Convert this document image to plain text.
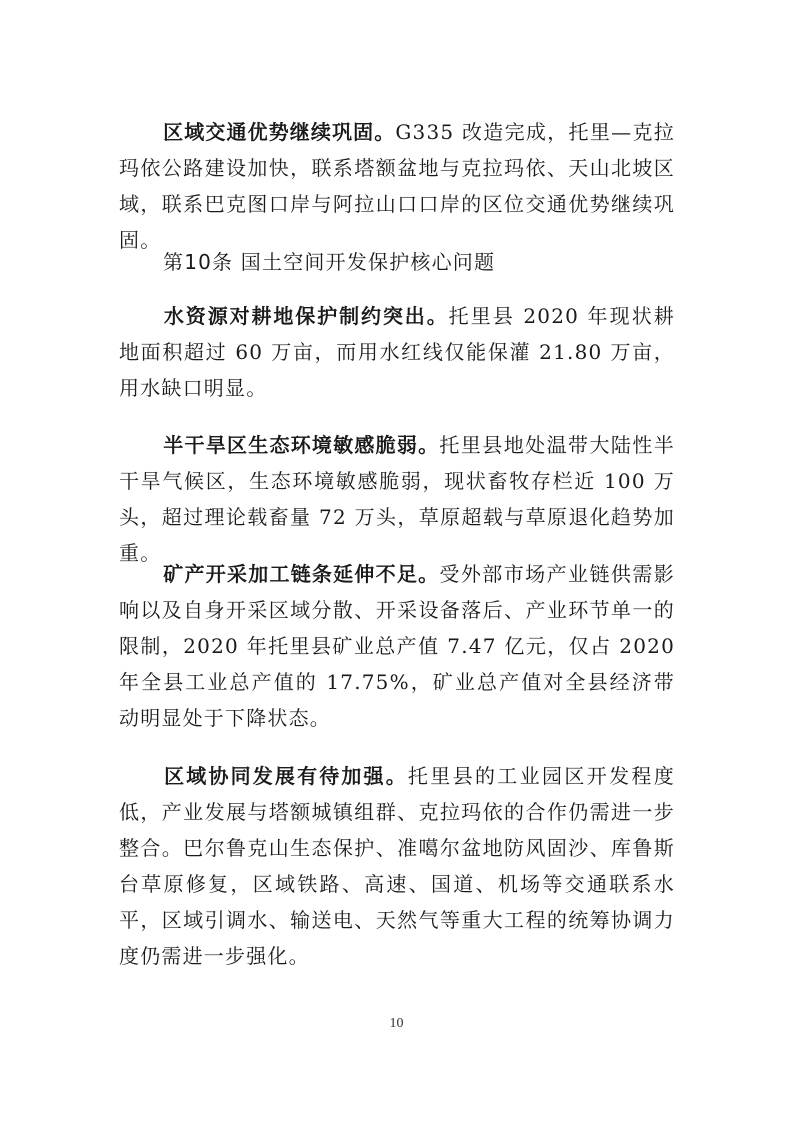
区域交通优势继续巩固。G335 改造完成，托里—克拉玛依公路建设加快，联系塔额盆地与克拉玛依、天山北坡区域，联系巴克图口岸与阿拉山口口岸的区位交通优势继续巩固。

第10条 国土空间开发保护核心问题

水资源对耕地保护制约突出。托里县 2020 年现状耕地面积超过 60 万亩，而用水红线仅能保灌 21.80 万亩，用水缺口明显。

半干旱区生态环境敏感脆弱。托里县地处温带大陆性半干旱气候区，生态环境敏感脆弱，现状畜牧存栏近 100 万头，超过理论载畜量 72 万头，草原超载与草原退化趋势加重。

矿产开采加工链条延伸不足。受外部市场产业链供需影响以及自身开采区域分散、开采设备落后、产业环节单一的限制，2020 年托里县矿业总产值 7.47 亿元，仅占 2020 年全县工业总产值的 17.75%，矿业总产值对全县经济带动明显处于下降状态。

区域协同发展有待加强。托里县的工业园区开发程度低，产业发展与塔额城镇组群、克拉玛依的合作仍需进一步整合。巴尔鲁克山生态保护、准噶尔盆地防风固沙、库鲁斯台草原修复，区域铁路、高速、国道、机场等交通联系水平，区域引调水、输送电、天然气等重大工程的统筹协调力度仍需进一步强化。

10
